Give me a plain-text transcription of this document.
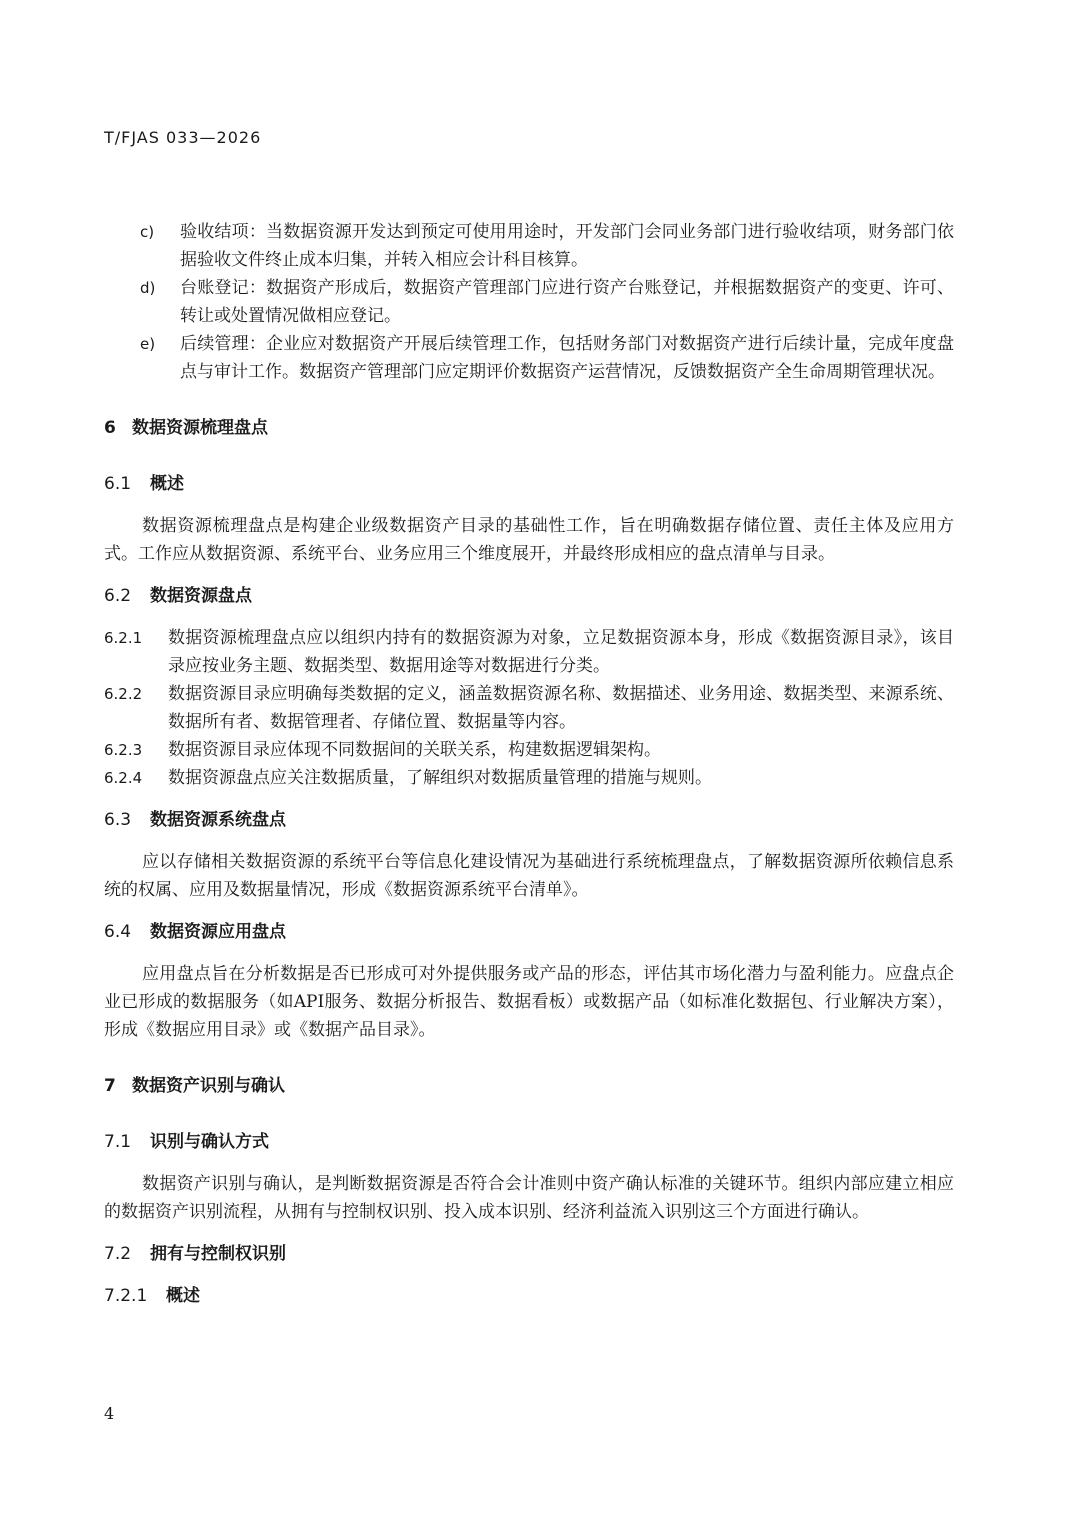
T/FJAS 033—2026
c)	验收结项：当数据资源开发达到预定可使用用途时，开发部门会同业务部门进行验收结项，财务部门依据验收文件终止成本归集，并转入相应会计科目核算。
d)	台账登记：数据资产形成后，数据资产管理部门应进行资产台账登记，并根据数据资产的变更、许可、转让或处置情况做相应登记。
e)	后续管理：企业应对数据资产开展后续管理工作，包括财务部门对数据资产进行后续计量，完成年度盘点与审计工作。数据资产管理部门应定期评价数据资产运营情况，反馈数据资产全生命周期管理状况。
6 数据资源梳理盘点
6.1	概述

数据资源梳理盘点是构建企业级数据资产目录的基础性工作，旨在明确数据存储位置、责任主体及应用方式。工作应从数据资源、系统平台、业务应用三个维度展开，并最终形成相应的盘点清单与目录。

6.2	数据资源盘点
6.2.1	数据资源梳理盘点应以组织内持有的数据资源为对象，立足数据资源本身，形成《数据资源目录》，该目录应按业务主题、数据类型、数据用途等对数据进行分类。
6.2.2	数据资源目录应明确每类数据的定义，涵盖数据资源名称、数据描述、业务用途、数据类型、来源系统、数据所有者、数据管理者、存储位置、数据量等内容。
6.2.3	数据资源目录应体现不同数据间的关联关系，构建数据逻辑架构。
6.2.4	数据资源盘点应关注数据质量，了解组织对数据质量管理的措施与规则。
6.3	数据资源系统盘点

应以存储相关数据资源的系统平台等信息化建设情况为基础进行系统梳理盘点，了解数据资源所依赖信息系统的权属、应用及数据量情况，形成《数据资源系统平台清单》。

6.4	数据资源应用盘点

应用盘点旨在分析数据是否已形成可对外提供服务或产品的形态，评估其市场化潜力与盈利能力。应盘点企业已形成的数据服务（如API服务、数据分析报告、数据看板）或数据产品（如标准化数据包、行业解决方案），形成《数据应用目录》或《数据产品目录》。

7 数据资产识别与确认
7.1	识别与确认方式

数据资产识别与确认，是判断数据资源是否符合会计准则中资产确认标准的关键环节。组织内部应建立相应的数据资产识别流程，从拥有与控制权识别、投入成本识别、经济利益流入识别这三个方面进行确认。

7.2	拥有与控制权识别
7.2.1	概述
4
